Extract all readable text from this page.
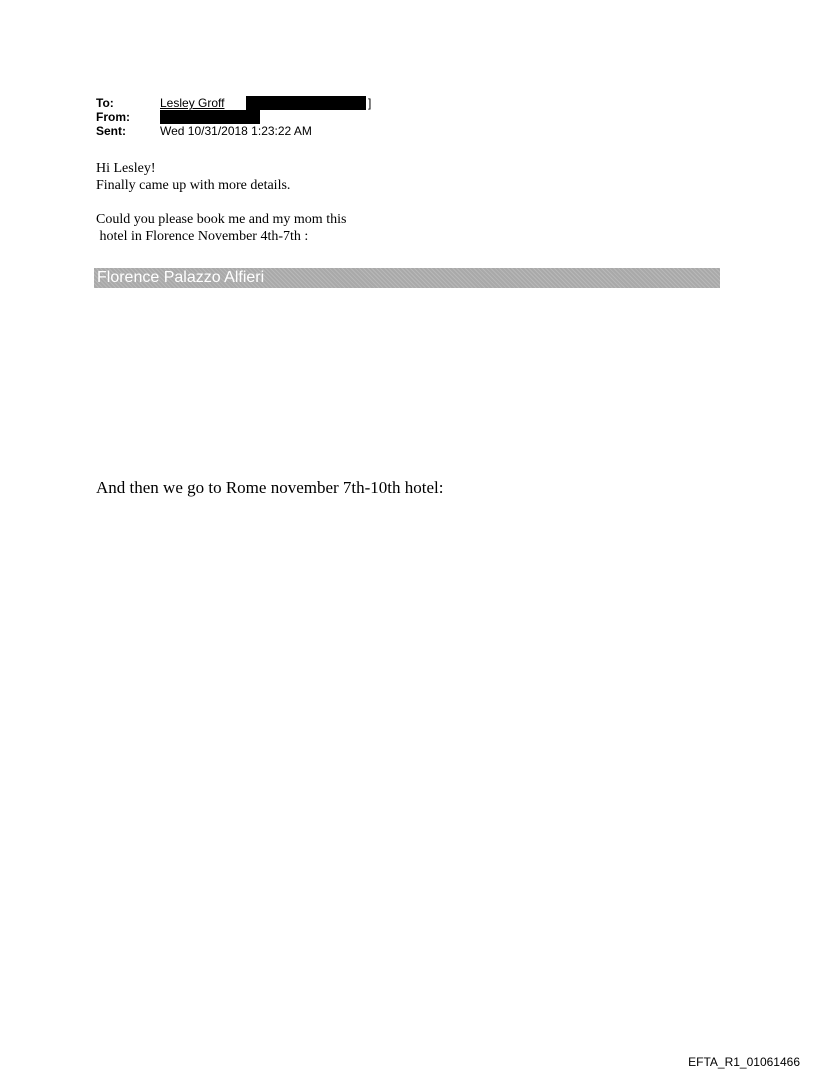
To:	Lesley Groff	]
From:
Sent:	Wed 10/31/2018 1:23:22 AM

Hi Lesley!

Finally came up with more details.

Could you please book me and my mom this

hotel in Florence November 4th-7th :

Florence Palazzo Alfieri
And then we go to Rome november 7th-10th hotel:
EFTA_R1_01061466
